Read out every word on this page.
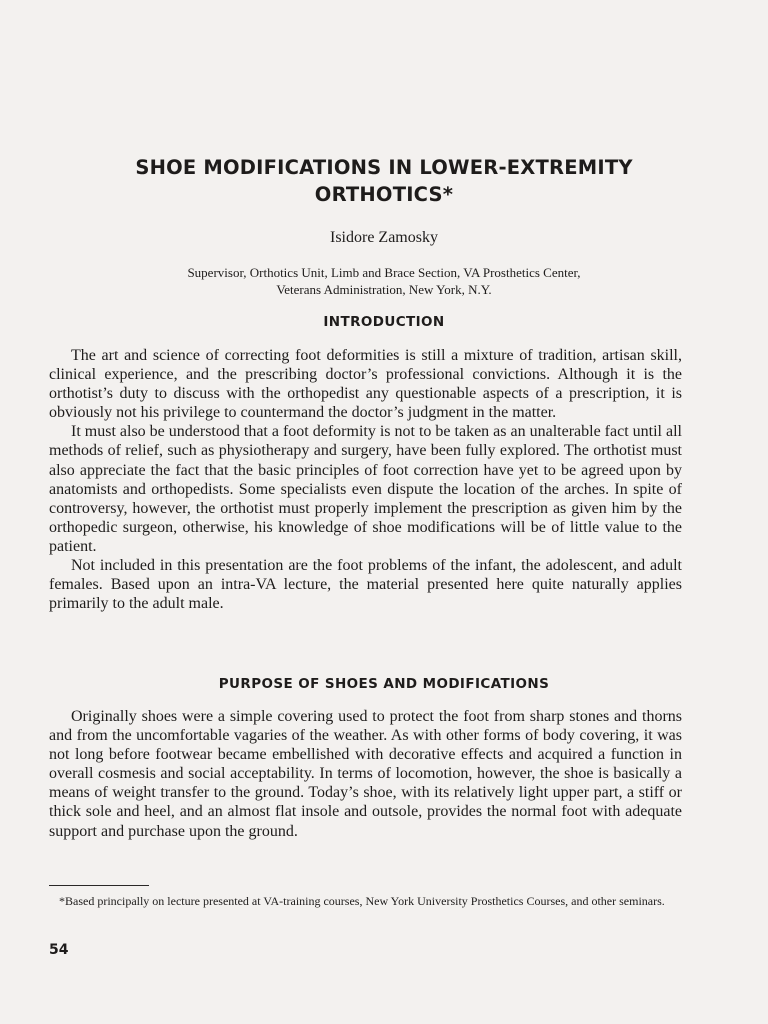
SHOE MODIFICATIONS IN LOWER-EXTREMITY
ORTHOTICS*
Isidore Zamosky
Supervisor, Orthotics Unit, Limb and Brace Section, VA Prosthetics Center,
Veterans Administration, New York, N.Y.
INTRODUCTION

The art and science of correcting foot deformities is still a mixture of tradition, artisan skill, clinical experience, and the prescribing doctor’s professional convictions. Although it is the orthotist’s duty to discuss with the orthopedist any questionable aspects of a prescription, it is obviously not his privilege to countermand the doctor’s judgment in the matter.

It must also be understood that a foot deformity is not to be taken as an unalterable fact until all methods of relief, such as physiotherapy and surgery, have been fully explored. The orthotist must also appreciate the fact that the basic principles of foot correction have yet to be agreed upon by anatomists and orthopedists. Some specialists even dispute the location of the arches. In spite of controversy, however, the orthotist must properly implement the prescription as given him by the orthopedic surgeon, otherwise, his knowledge of shoe modifications will be of little value to the patient.

Not included in this presentation are the foot problems of the infant, the adolescent, and adult females. Based upon an intra-VA lecture, the material presented here quite naturally applies primarily to the adult male.

PURPOSE OF SHOES AND MODIFICATIONS

Originally shoes were a simple covering used to protect the foot from sharp stones and thorns and from the uncomfortable vagaries of the weather. As with other forms of body covering, it was not long before footwear became embellished with decorative effects and acquired a function in overall cosmesis and social acceptability. In terms of locomotion, however, the shoe is basically a means of weight transfer to the ground. Today’s shoe, with its relatively light upper part, a stiff or thick sole and heel, and an almost flat insole and outsole, provides the normal foot with adequate support and purchase upon the ground.

*Based principally on lecture presented at VA-training courses, New York University Prosthetics Courses, and other seminars.
54
